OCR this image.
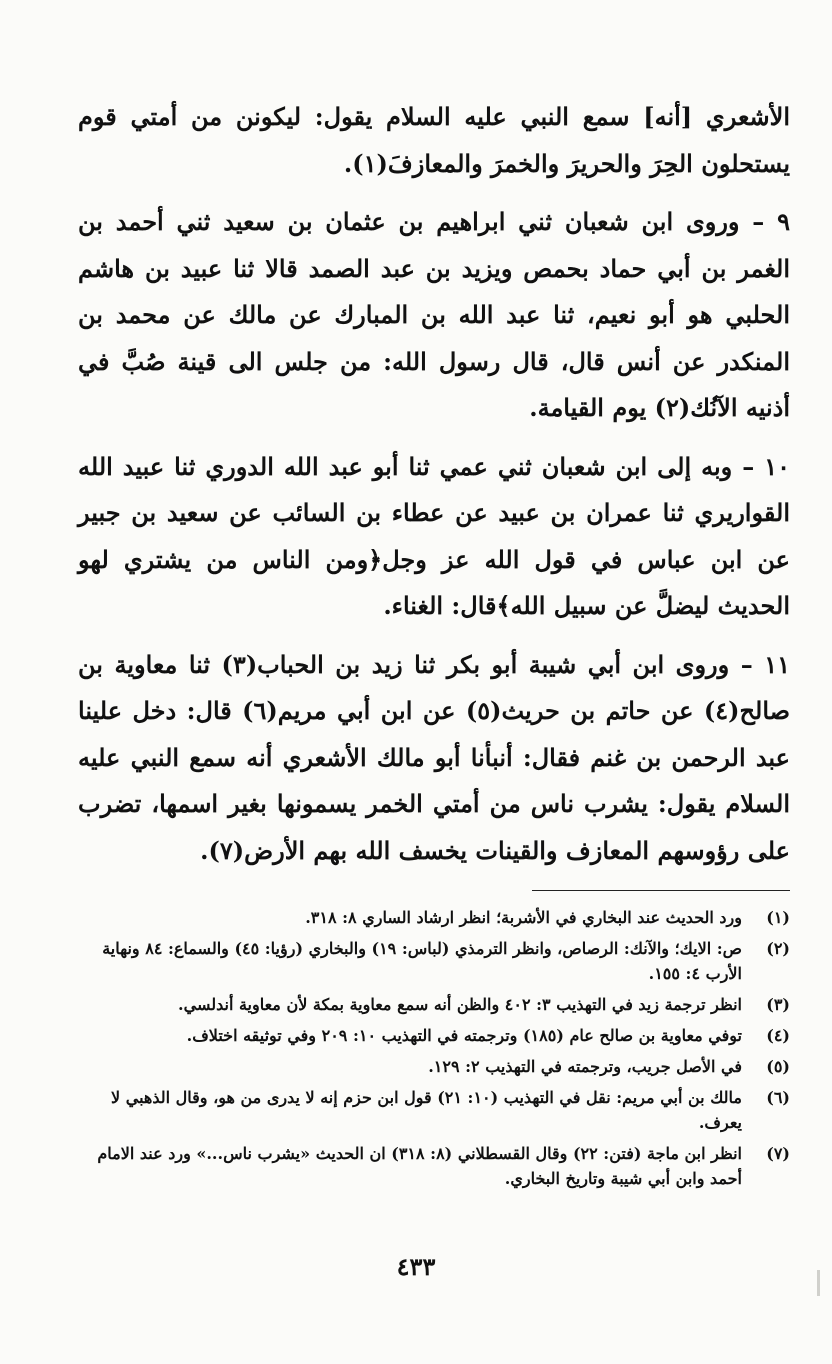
الأشعري [أنه] سمع النبي عليه السلام يقول: ليكونن من أمتي قوم يستحلون الحِرَ والحريرَ والخمرَ والمعازفَ(١).

٩ – وروى ابن شعبان ثني ابراهيم بن عثمان بن سعيد ثني أحمد بن الغمر بن أبي حماد بحمص ويزيد بن عبد الصمد قالا ثنا عبيد بن هاشم الحلبي هو أبو نعيم، ثنا عبد الله بن المبارك عن مالك عن محمد بن المنكدر عن أنس قال، قال رسول الله: من جلس الى قينة صُبَّ في أذنيه الآنُك(٢) يوم القيامة.

١٠ – وبه إلى ابن شعبان ثني عمي ثنا أبو عبد الله الدوري ثنا عبيد الله القواريري ثنا عمران بن عبيد عن عطاء بن السائب عن سعيد بن جبير عن ابن عباس في قول الله عز وجل﴿ومن الناس من يشتري لهو الحديث ليضلَّ عن سبيل الله﴾قال: الغناء.

١١ – وروى ابن أبي شيبة أبو بكر ثنا زيد بن الحباب(٣) ثنا معاوية بن صالح(٤) عن حاتم بن حريث(٥) عن ابن أبي مريم(٦) قال: دخل علينا عبد الرحمن بن غنم فقال: أنبأنا أبو مالك الأشعري أنه سمع النبي عليه السلام يقول: يشرب ناس من أمتي الخمر يسمونها بغير اسمها، تضرب على رؤوسهم المعازف والقينات يخسف الله بهم الأرض(٧).

(١)
ورد الحديث عند البخاري في الأشربة؛ انظر ارشاد الساري ٨: ٣١٨.
(٢)
ص: الايك؛ والآنك: الرصاص، وانظر الترمذي (لباس: ١٩) والبخاري (رؤيا: ٤٥) والسماع: ٨٤ ونهاية الأرب ٤: ١٥٥.
(٣)
انظر ترجمة زيد في التهذيب ٣: ٤٠٢ والظن أنه سمع معاوية بمكة لأن معاوية أندلسي.
(٤)
توفي معاوية بن صالح عام (١٨٥) وترجمته في التهذيب ١٠: ٢٠٩ وفي توثيقه اختلاف.
(٥)
في الأصل جريب، وترجمته في التهذيب ٢: ١٢٩.
(٦)
مالك بن أبي مريم: نقل في التهذيب (١٠: ٢١) قول ابن حزم إنه لا يدرى من هو، وقال الذهبي لا يعرف.
(٧)
انظر ابن ماجة (فتن: ٢٢) وقال القسطلاني (٨: ٣١٨) ان الحديث «يشرب ناس...» ورد عند الامام أحمد وابن أبي شيبة وتاريخ البخاري.
٤٣٣
